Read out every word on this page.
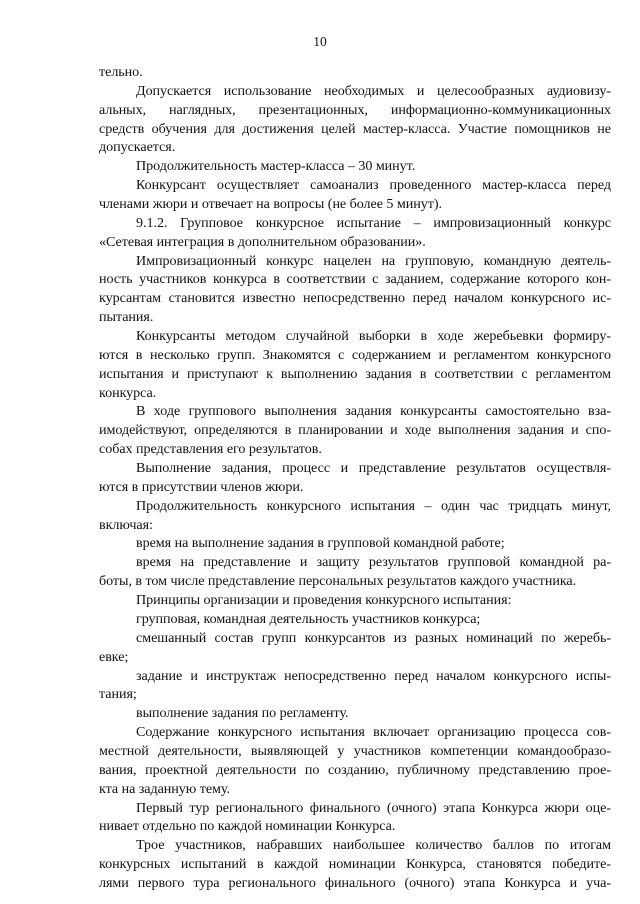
10
тельно.
Допускается использование необходимых и целесообразных аудиовизу-
альных, наглядных, презентационных, информационно-коммуникационных
средств обучения для достижения целей мастер-класса. Участие помощников не
допускается.
Продолжительность мастер-класса – 30 минут.
Конкурсант осуществляет самоанализ проведенного мастер-класса перед
членами жюри и отвечает на вопросы (не более 5 минут).
9.1.2. Групповое конкурсное испытание – импровизационный конкурс
«Сетевая интеграция в дополнительном образовании».
Импровизационный конкурс нацелен на групповую, командную деятель-
ность участников конкурса в соответствии с заданием, содержание которого кон-
курсантам становится известно непосредственно перед началом конкурсного ис-
пытания.
Конкурсанты методом случайной выборки в ходе жеребьевки формиру-
ются в несколько групп. Знакомятся с содержанием и регламентом конкурсного
испытания и приступают к выполнению задания в соответствии с регламентом
конкурса.
В ходе группового выполнения задания конкурсанты самостоятельно вза-
имодействуют, определяются в планировании и ходе выполнения задания и спо-
собах представления его результатов.
Выполнение задания, процесс и представление результатов осуществля-
ются в присутствии членов жюри.
Продолжительность конкурсного испытания – один час тридцать минут,
включая:
время на выполнение задания в групповой командной работе;
время на представление и защиту результатов групповой командной ра-
боты, в том числе представление персональных результатов каждого участника.
Принципы организации и проведения конкурсного испытания:
групповая, командная деятельность участников конкурса;
смешанный состав групп конкурсантов из разных номинаций по жеребь-
евке;
задание и инструктаж непосредственно перед началом конкурсного испы-
тания;
выполнение задания по регламенту.
Содержание конкурсного испытания включает организацию процесса сов-
местной деятельности, выявляющей у участников компетенции командообразо-
вания, проектной деятельности по созданию, публичному представлению прое-
кта на заданную тему.
Первый тур регионального финального (очного) этапа Конкурса жюри оце-
нивает отдельно по каждой номинации Конкурса.
Трое участников, набравших наибольшее количество баллов по итогам
конкурсных испытаний в каждой номинации Конкурса, становятся победите-
лями первого тура регионального финального (очного) этапа Конкурса и уча-
